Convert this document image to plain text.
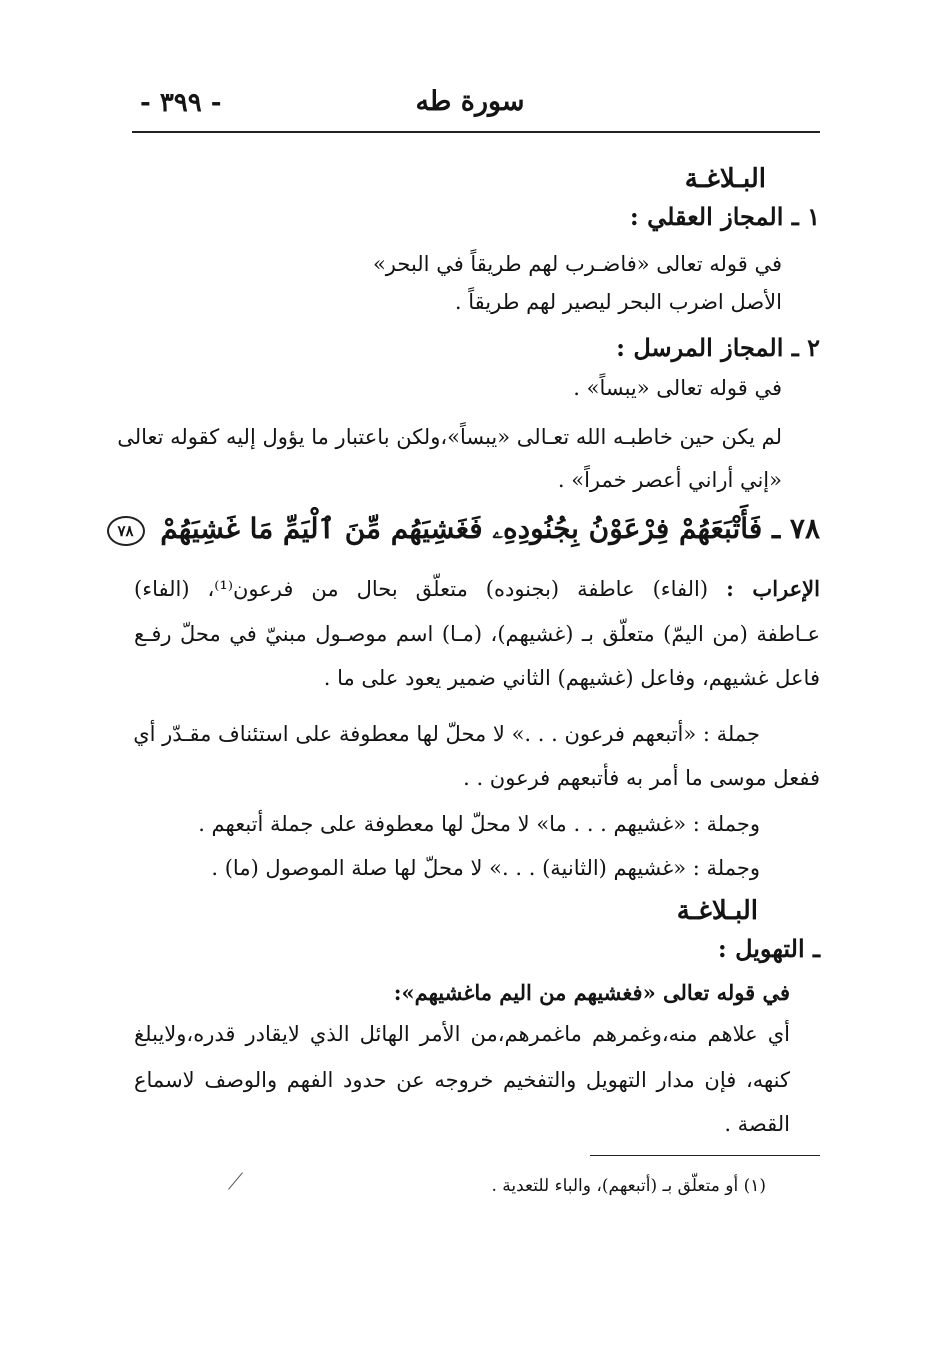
سورة طه
- ٣٩٩ -
البـلاغـة
١ ـ المجاز العقلي :
في قوله تعالى «فاضـرب لهم طريقاً في البحر»
الأصل اضرب البحر ليصير لهم طريقاً .
٢ ـ المجاز المرسل :
في قوله تعالى «يبساً» .
لم يكن حين خاطبـه الله تعـالى «يبساً»،ولكن باعتبار ما يؤول إليه كقوله تعالى
«إني أراني أعصر خمراً» .
٧٨ ـ فَأَتْبَعَهُمْ فِرْعَوْنُ بِجُنُودِهِۦ فَغَشِيَهُم مِّنَ ٱلْيَمِّ مَا غَشِيَهُمْ ٧٨
الإعراب : (الفاء) عاطفة (بجنوده) متعلّق بحال من فرعون⁽¹⁾، (الفاء)
عـاطفة (من اليمّ) متعلّق بـ (غشيهم)، (مـا) اسم موصـول مبنيّ في محلّ رفـع
فاعل غشيهم، وفاعل (غشيهم) الثاني ضمير يعود على ما .
جملة : «أتبعهم فرعون . . .» لا محلّ لها معطوفة على استئناف مقـدّر أي
ففعل موسى ما أمر به فأتبعهم فرعون . .
وجملة : «غشيهم . . . ما» لا محلّ لها معطوفة على جملة أتبعهم .
وجملة : «غشيهم (الثانية) . . .» لا محلّ لها صلة الموصول (ما) .
البـلاغـة
ـ التهويل :
في قوله تعالى «فغشيهم من اليم ماغشيهم»:
أي علاهم منه،وغمرهم ماغمرهم،من الأمر الهائل الذي لايقادر قدره،ولايبلغ
كنهه، فإن مدار التهويل والتفخيم خروجه عن حدود الفهم والوصف لاسماع
القصة .
(١) أو متعلّق بـ (أتبعهم)، والباء للتعدية .
